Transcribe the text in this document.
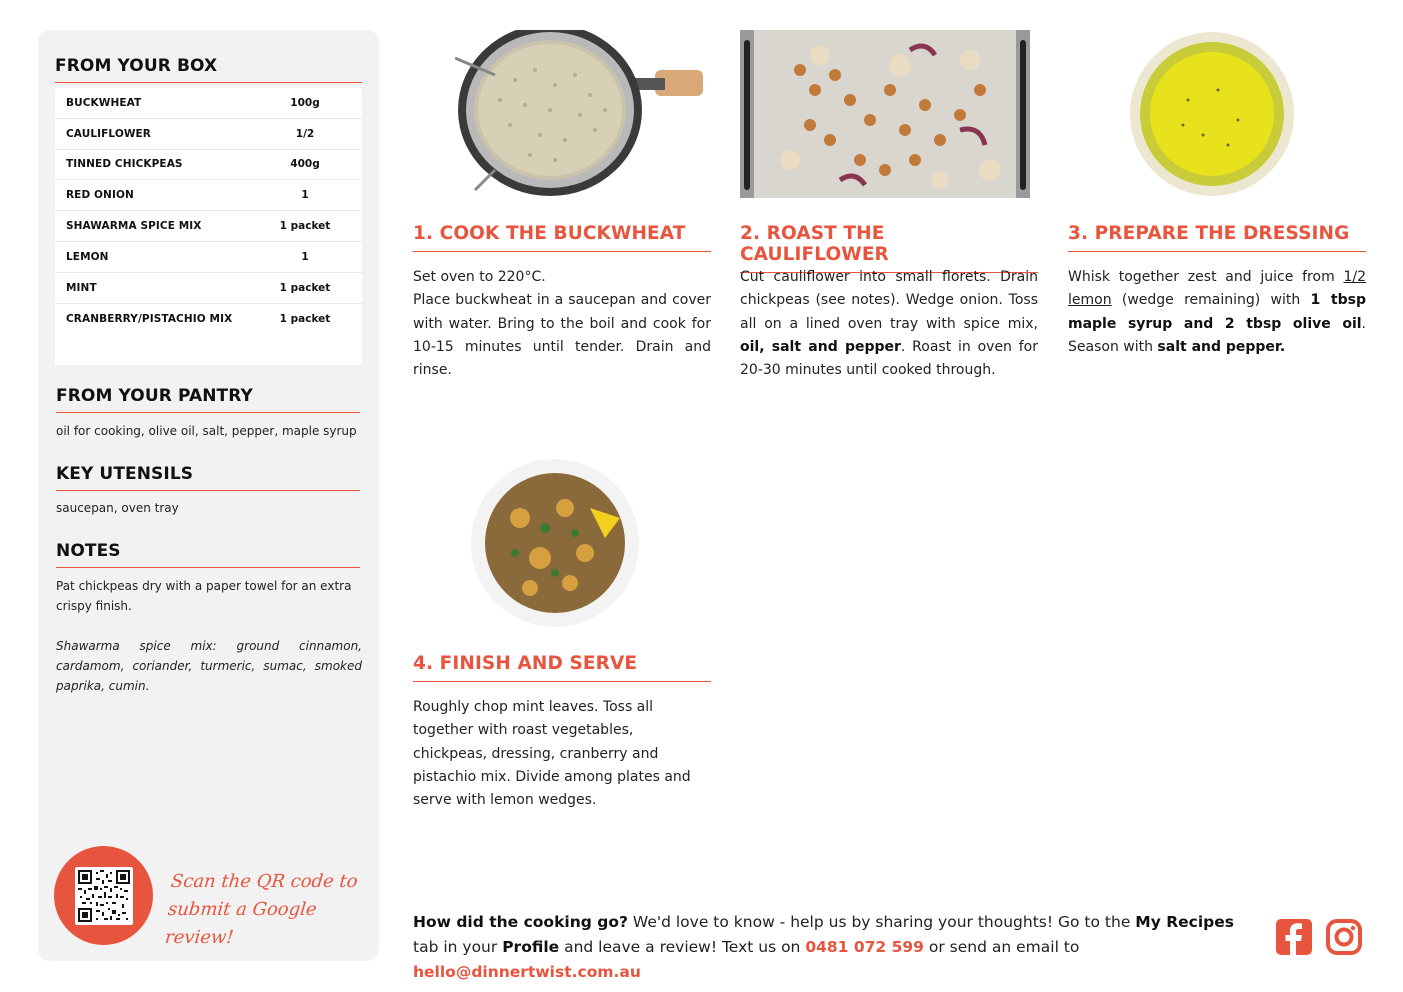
FROM YOUR BOX
BUCKWHEAT	100g
CAULIFLOWER	1/2
TINNED CHICKPEAS	400g
RED ONION	1
SHAWARMA SPICE MIX	1 packet
LEMON	1
MINT	1 packet
CRANBERRY/PISTACHIO MIX	1 packet
FROM YOUR PANTRY
oil for cooking, olive oil, salt, pepper, maple syrup
KEY UTENSILS
saucepan, oven tray
NOTES
Pat chickpeas dry with a paper towel for an extra crispy finish.
Shawarma spice mix: ground cinnamon, cardamom, coriander, turmeric, sumac, smoked paprika, cumin.
Scan the QR code to
submit a Google review!
1. COOK THE BUCKWHEAT
Set oven to 220°C.
Place buckwheat in a saucepan and cover with water. Bring to the boil and cook for 10-15 minutes until tender. Drain and rinse.
2. ROAST THE CAULIFLOWER
Cut cauliflower into small florets. Drain chickpeas (see notes). Wedge onion. Toss all on a lined oven tray with spice mix, oil, salt and pepper. Roast in oven for 20-30 minutes until cooked through.
3. PREPARE THE DRESSING
Whisk together zest and juice from 1/2 lemon (wedge remaining) with 1 tbsp maple syrup and 2 tbsp olive oil. Season with salt and pepper.
4. FINISH AND SERVE
Roughly chop mint leaves. Toss all together with roast vegetables, chickpeas, dressing, cranberry and pistachio mix. Divide among plates and serve with lemon wedges.
How did the cooking go? We'd love to know - help us by sharing your thoughts! Go to the My Recipes tab in your Profile and leave a review! Text us on 0481 072 599 or send an email to hello@dinnertwist.com.au
